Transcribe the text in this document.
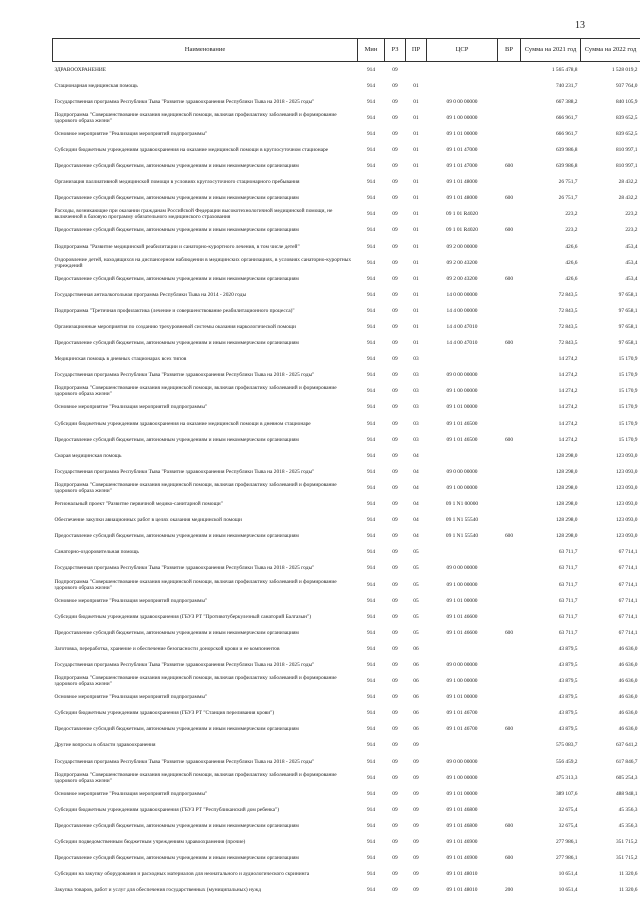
13
Наименование	Мин	РЗ	ПР	ЦСР	ВР	Сумма на 2021 год	Сумма на 2022 год
ЗДРАВООХРАНЕНИЕ	914	09				1 565 478,8	1 528 019,2
Стационарная медицинская помощь	914	09	01			740 231,7	937 764,0
Государственная программа Республики Тыва "Развитие здравоохранения Республики Тыва на 2018 - 2025 годы"	914	09	01	09 0 00 00000		667 388,2	840 105,9
Подпрограмма "Совершенствование оказания медицинской помощи, включая профилактику заболеваний и формирование здорового образа жизни"	914	09	01	09 1 00 00000		666 961,7	839 652,5
Основное мероприятие "Реализация мероприятий подпрограммы"	914	09	01	09 1 01 00000		666 961,7	839 652,5
Субсидии бюджетным учреждениям здравоохранения на оказание медицинской помощи в круглосуточном стационаре	914	09	01	09 1 01 47000		639 986,8	810 997,1
Предоставление субсидий бюджетным, автономным учреждениям и иным некоммерческим организациям	914	09	01	09 1 01 47000	600	639 986,8	810 997,1
Организация паллиативной медицинской помощи в условиях круглосуточного стационарного пребывания	914	09	01	09 1 01 48000		26 751,7	28 432,2
Предоставление субсидий бюджетным, автономным учреждениям и иным некоммерческим организациям	914	09	01	09 1 01 48000	600	26 751,7	28 432,2
Расходы, возникающие при оказании гражданам Российской Федерации высокотехнологичной медицинской помощи, не включенной в базовую программу обязательного медицинского страхования	914	09	01	09 1 01 R4020		223,2	223,2
Предоставление субсидий бюджетным, автономным учреждениям и иным некоммерческим организациям	914	09	01	09 1 01 R4020	600	223,2	223,2
Подпрограмма "Развитие медицинской реабилитации и санаторно-курортного лечения, в том числе детей"	914	09	01	09 2 00 00000		426,6	453,4
Оздоровление детей, находящихся на диспансерном наблюдении в медицинских организациях, в условиях санаторно-курортных учреждений	914	09	01	09 2 00 43200		426,6	453,4
Предоставление субсидий бюджетным, автономным учреждениям и иным некоммерческим организациям	914	09	01	09 2 00 43200	600	426,6	453,4
Государственная антиалкогольная программа Республики Тыва на 2014 - 2020 годы	914	09	01	14 0 00 00000		72 843,5	97 658,1
Подпрограмма "Третичная профилактика (лечение и совершенствование реабилитационного процесса)"	914	09	01	14 4 00 00000		72 843,5	97 658,1
Организационные мероприятия по созданию трехуровневой системы оказания наркологической помощи	914	09	01	14 4 00 47010		72 843,5	97 658,1
Предоставление субсидий бюджетным, автономным учреждениям и иным некоммерческим организациям	914	09	01	14 4 00 47010	600	72 843,5	97 658,1
Медицинская помощь в дневных стационарах всех типов	914	09	03			14 274,2	15 170,9
Государственная программа Республики Тыва "Развитие здравоохранения Республики Тыва на 2018 - 2025 годы"	914	09	03	09 0 00 00000		14 274,2	15 170,9
Подпрограмма "Совершенствование оказания медицинской помощи, включая профилактику заболеваний и формирование здорового образа жизни"	914	09	03	09 1 00 00000		14 274,2	15 170,9
Основное мероприятие "Реализация мероприятий подпрограммы"	914	09	03	09 1 01 00000		14 274,2	15 170,9
Субсидии бюджетным учреждениям здравоохранения на оказание медицинской помощи в дневном стационаре	914	09	03	09 1 01 46500		14 274,2	15 170,9
Предоставление субсидий бюджетным, автономным учреждениям и иным некоммерческим организациям	914	09	03	09 1 01 46500	600	14 274,2	15 170,9
Скорая медицинская помощь	914	09	04			128 298,0	123 093,0
Государственная программа Республики Тыва "Развитие здравоохранения Республики Тыва на 2018 - 2025 годы"	914	09	04	09 0 00 00000		128 298,0	123 093,0
Подпрограмма "Совершенствование оказания медицинской помощи, включая профилактику заболеваний и формирование здорового образа жизни"	914	09	04	09 1 00 00000		128 298,0	123 093,0
Региональный проект "Развитие первичной медико-санитарной помощи"	914	09	04	09 1 N1 00000		128 298,0	123 093,0
Обеспечение закупки авиационных работ в целях оказания медицинской помощи	914	09	04	09 1 N1 55540		128 298,0	123 093,0
Предоставление субсидий бюджетным, автономным учреждениям и иным некоммерческим организациям	914	09	04	09 1 N1 55540	600	128 298,0	123 093,0
Санаторно-оздоровительная помощь	914	09	05			63 711,7	67 714,1
Государственная программа Республики Тыва "Развитие здравоохранения Республики Тыва на 2018 - 2025 годы"	914	09	05	09 0 00 00000		63 711,7	67 714,1
Подпрограмма "Совершенствование оказания медицинской помощи, включая профилактику заболеваний и формирование здорового образа жизни"	914	09	05	09 1 00 00000		63 711,7	67 714,1
Основное мероприятие "Реализация мероприятий подпрограммы"	914	09	05	09 1 01 00000		63 711,7	67 714,1
Субсидии бюджетным учреждениям здравоохранения (ГБУЗ РТ "Противотуберкулезный санаторий Балгазын")	914	09	05	09 1 01 46600		63 711,7	67 714,1
Предоставление субсидий бюджетным, автономным учреждениям и иным некоммерческим организациям	914	09	05	09 1 01 46600	600	63 711,7	67 714,1
Заготовка, переработка, хранение и обеспечение безопасности донорской крови и ее компонентов	914	09	06			43 879,5	46 636,0
Государственная программа Республики Тыва "Развитие здравоохранения Республики Тыва на 2018 - 2025 годы"	914	09	06	09 0 00 00000		43 879,5	46 636,0
Подпрограмма "Совершенствование оказания медицинской помощи, включая профилактику заболеваний и формирование здорового образа жизни"	914	09	06	09 1 00 00000		43 879,5	46 636,0
Основное мероприятие "Реализация мероприятий подпрограммы"	914	09	06	09 1 01 00000		43 879,5	46 636,0
Субсидии бюджетным учреждениям здравоохранения (ГБУЗ РТ "Станция переливания крови")	914	09	06	09 1 01 46700		43 879,5	46 636,0
Предоставление субсидий бюджетным, автономным учреждениям и иным некоммерческим организациям	914	09	06	09 1 01 46700	600	43 879,5	46 636,0
Другие вопросы в области здравоохранения	914	09	09			575 083,7	637 641,2
Государственная программа Республики Тыва "Развитие здравоохранения Республики Тыва на 2018 - 2025 годы"	914	09	09	09 0 00 00000		556 459,2	617 846,7
Подпрограмма "Совершенствование оказания медицинской помощи, включая профилактику заболеваний и формирование здорового образа жизни"	914	09	09	09 1 00 00000		475 313,3	605 254,3
Основное мероприятие "Реализация мероприятий подпрограммы"	914	09	09	09 1 01 00000		389 107,6	488 948,1
Субсидии бюджетным учреждениям здравоохранения (ГБУЗ РТ "Республиканский дом ребенка")	914	09	09	09 1 01 46800		32 675,4	45 356,3
Предоставление субсидий бюджетным, автономным учреждениям и иным некоммерческим организациям	914	09	09	09 1 01 46800	600	32 675,4	45 356,3
Субсидии подведомственным бюджетным учреждениям здравоохранения (прочие)	914	09	09	09 1 01 46900		277 986,1	351 715,2
Предоставление субсидий бюджетным, автономным учреждениям и иным некоммерческим организациям	914	09	09	09 1 01 46900	600	277 986,1	351 715,2
Субсидии на закупку оборудования и расходных материалов для неонатального и аудиологического скрининга	914	09	09	09 1 01 48010		10 651,4	11 320,6
Закупка товаров, работ и услуг для обеспечения государственных (муниципальных) нужд	914	09	09	09 1 01 48010	200	10 651,4	11 320,6
